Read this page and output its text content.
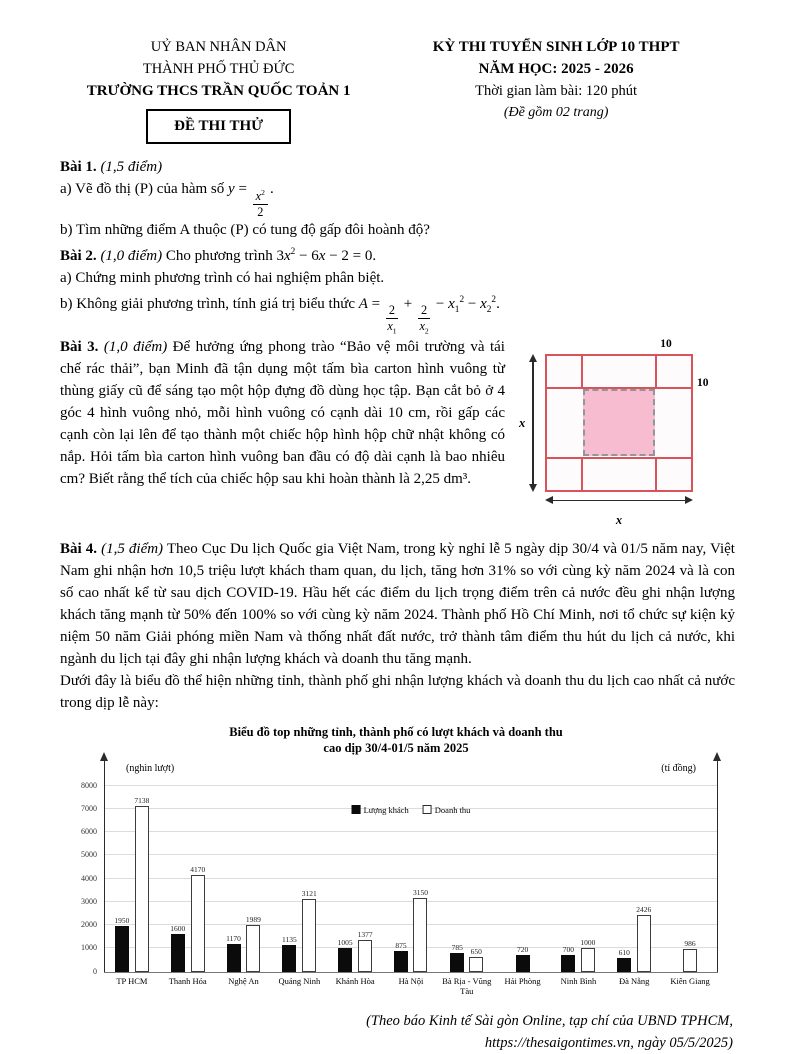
UỶ BAN NHÂN DÂN
THÀNH PHỐ THỦ ĐỨC
TRƯỜNG THCS TRẦN QUỐC TOẢN 1
ĐỀ THI THỬ
KỲ THI TUYỂN SINH LỚP 10 THPT
NĂM HỌC: 2025 - 2026
Thời gian làm bài: 120 phút
(Đề gồm 02 trang)
Bài 1. (1,5 điểm)
a) Vẽ đồ thị (P) của hàm số $y = \frac{x^2}{2}$ .
b) Tìm những điểm A thuộc (P) có tung độ gấp đôi hoành độ?
Bài 2. (1,0 điểm) Cho phương trình $3x^2 - 6x - 2 = 0$.
a) Chứng minh phương trình có hai nghiệm phân biệt.
b) Không giải phương trình, tính giá trị biểu thức A =
$\frac{2}{x_1}$
+
$\frac{2}{x_2}$
− $x_1^2 - x_2^2$.
10
10
x
x
Bài 3. (1,0 điểm) Để hưởng ứng phong trào “Bảo vệ môi trường và tái chế rác thải”, bạn Minh đã tận dụng một tấm bìa carton hình vuông từ thùng giấy cũ để sáng tạo một hộp đựng đồ dùng học tập. Bạn cắt bỏ ở 4 góc 4 hình vuông nhỏ, mỗi hình vuông có cạnh dài 10 cm, rồi gấp các cạnh còn lại lên để tạo thành một chiếc hộp hình hộp chữ nhật không có nắp. Hỏi tấm bìa carton hình vuông ban đầu có độ dài cạnh là bao nhiêu cm? Biết rằng thể tích của chiếc hộp sau khi hoàn thành là 2,25 dm³.
Bài 4. (1,5 điểm) Theo Cục Du lịch Quốc gia Việt Nam, trong kỳ nghỉ lễ 5 ngày dịp 30/4 và 01/5 năm nay, Việt Nam ghi nhận hơn 10,5 triệu lượt khách tham quan, du lịch, tăng hơn 31% so với cùng kỳ năm 2024 và là con số cao nhất kể từ sau dịch COVID-19. Hầu hết các điểm du lịch trọng điểm trên cả nước đều ghi nhận lượng khách tăng mạnh từ 50% đến 100% so với cùng kỳ năm 2024. Thành phố Hồ Chí Minh, nơi tổ chức sự kiện kỷ niệm 50 năm Giải phóng miền Nam và thống nhất đất nước, trở thành tâm điểm thu hút du lịch cả nước, khi ngành du lịch tại đây ghi nhận lượng khách và doanh thu tăng mạnh.
Dưới đây là biểu đồ thể hiện những tỉnh, thành phố ghi nhận lượng khách và doanh thu du lịch cao nhất cả nước trong dịp lễ này:
Biểu đồ top những tỉnh, thành phố có lượt khách và doanh thu
cao dịp 30/4-01/5 năm 2025
(nghìn lượt)	(tỉ đồng)
0
1000
2000
3000
4000
5000
6000
7000
8000
Lượng khách	Doanh thu
1950
7138
1600
4170
1170
1989
1135
3121
1005
1377
875
3150
785 650	720	700
1000
610
2426
986
TP HCM	Thanh Hóa	Nghệ An	Quảng Ninh	Khánh Hòa	Hà Nội	Bà Rịa - Vũng Tàu
Hải Phòng	Ninh Bình	Đà Nẵng	Kiên Giang
(Theo báo Kinh tế Sài gòn Online, tạp chí của UBND TPHCM,
https://thesaigontimes.vn, ngày 05/5/2025)
